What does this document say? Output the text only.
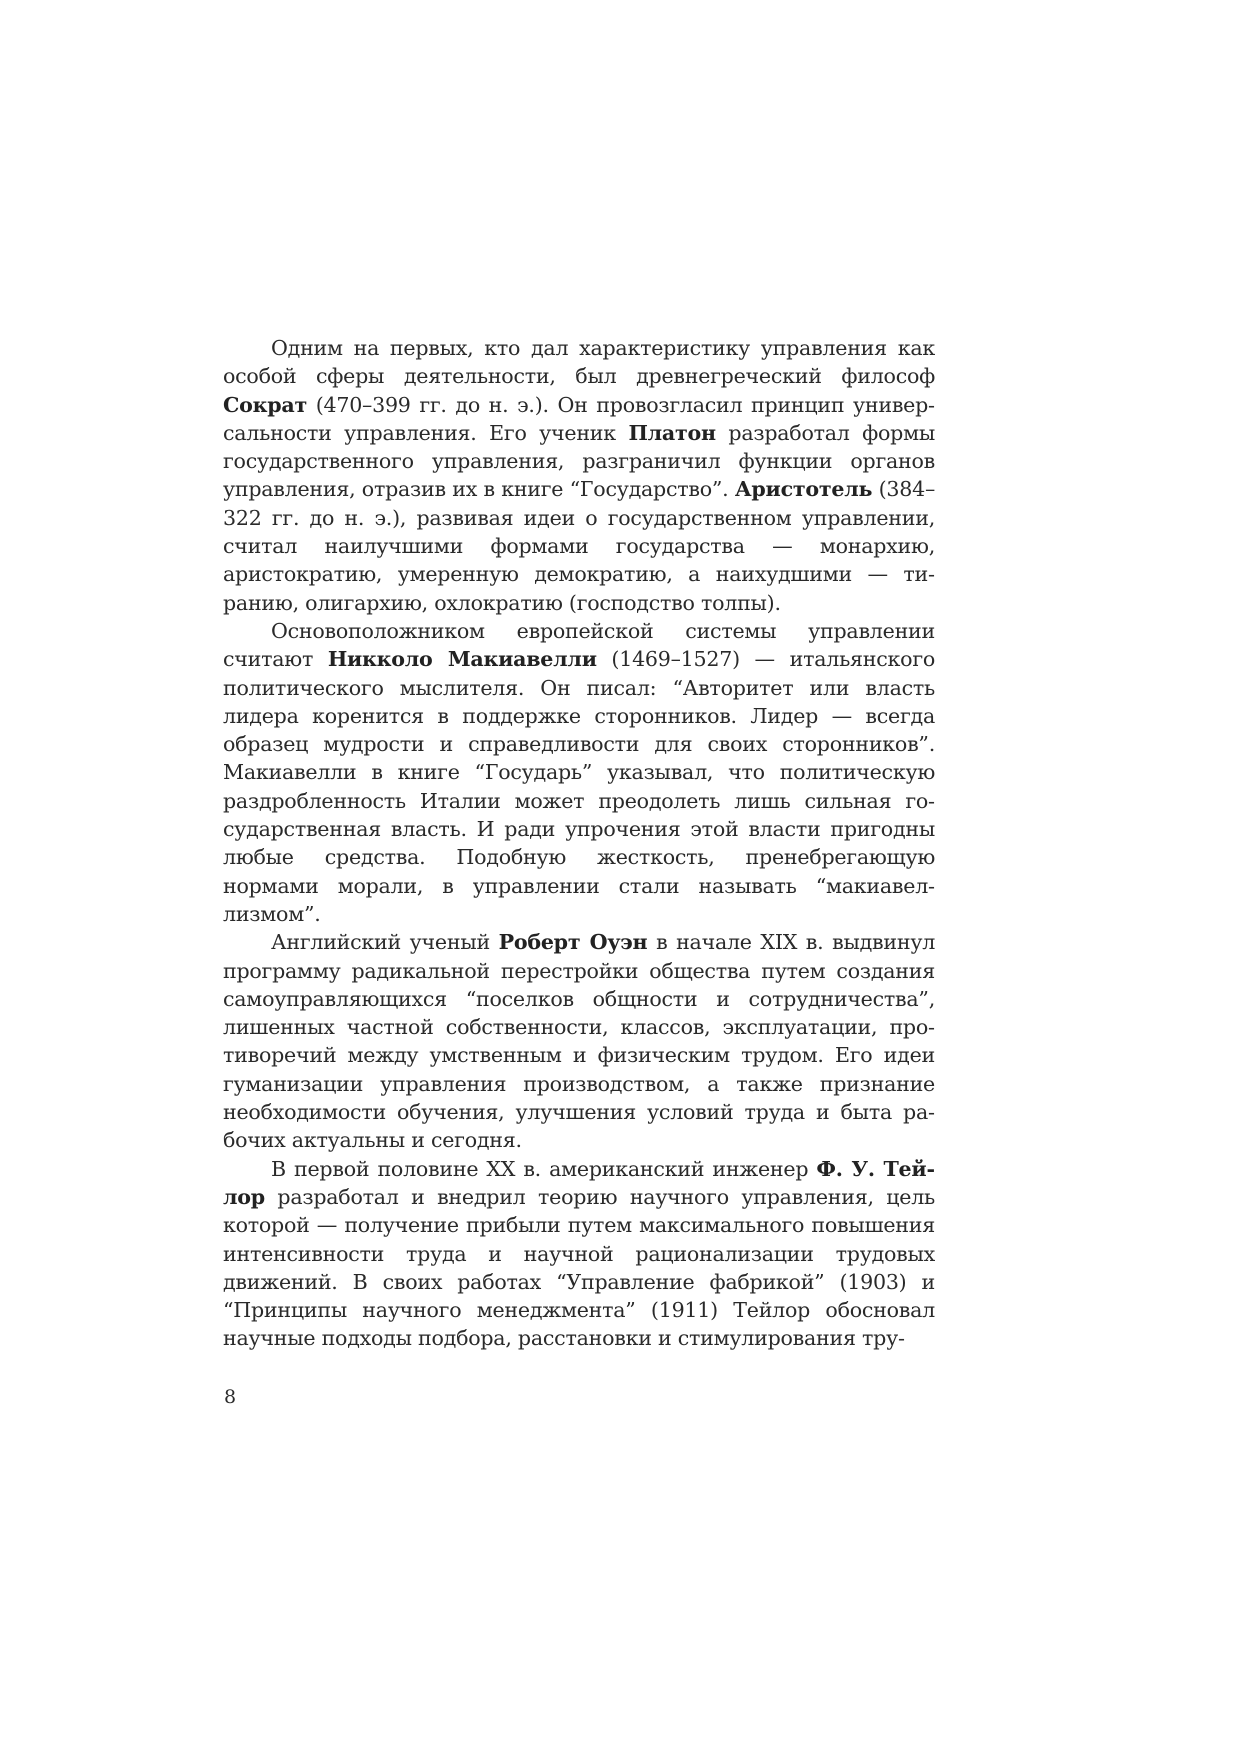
Одним на первых, кто дал характеристику управления как особой сферы деятельности, был древнегреческий философ Сократ (470–399 гг. до н. э.). Он провозгласил принцип универсальности управления. Его ученик Платон разработал формы государственного управления, разграничил функции органов управления, отразив их в книге “Государство”. Аристотель (384–322 гг. до н. э.), развивая идеи о государственном управлении, считал наилучшими формами государства — монархию, аристократию, умеренную демократию, а наихудшими — тиранию, олигархию, охлократию (господство толпы).

Основоположником европейской системы управлении считают Никколо Макиавелли (1469–1527) — итальянского политического мыслителя. Он писал: “Авторитет или власть лидера коренится в поддержке сторонников. Лидер — всегда образец мудрости и справедливости для своих сторонников”. Макиавелли в книге “Государь” указывал, что политическую раздробленность Италии может преодолеть лишь сильная государственная власть. И ради упрочения этой власти пригодны любые средства. Подобную жесткость, пренебрегающую нормами морали, в управлении стали называть “макиавеллизмом”.

Английский ученый Роберт Оуэн в начале XIX в. выдвинул программу радикальной перестройки общества путем создания самоуправляющихся “поселков общности и сотрудничества”, лишенных частной собственности, классов, эксплуатации, противоречий между умственным и физическим трудом. Его идеи гуманизации управления производством, а также признание необходимости обучения, улучшения условий труда и быта рабочих актуальны и сегодня.

В первой половине XX в. американский инженер Ф. У. Тейлор разработал и внедрил теорию научного управления, цель которой — получение прибыли путем максимального повышения интенсивности труда и научной рационализации трудовых движений. В своих работах “Управление фабрикой” (1903) и “Принципы научного менеджмента” (1911) Тейлор обосновал научные подходы подбора, расстановки и стимулирования тру-

8
